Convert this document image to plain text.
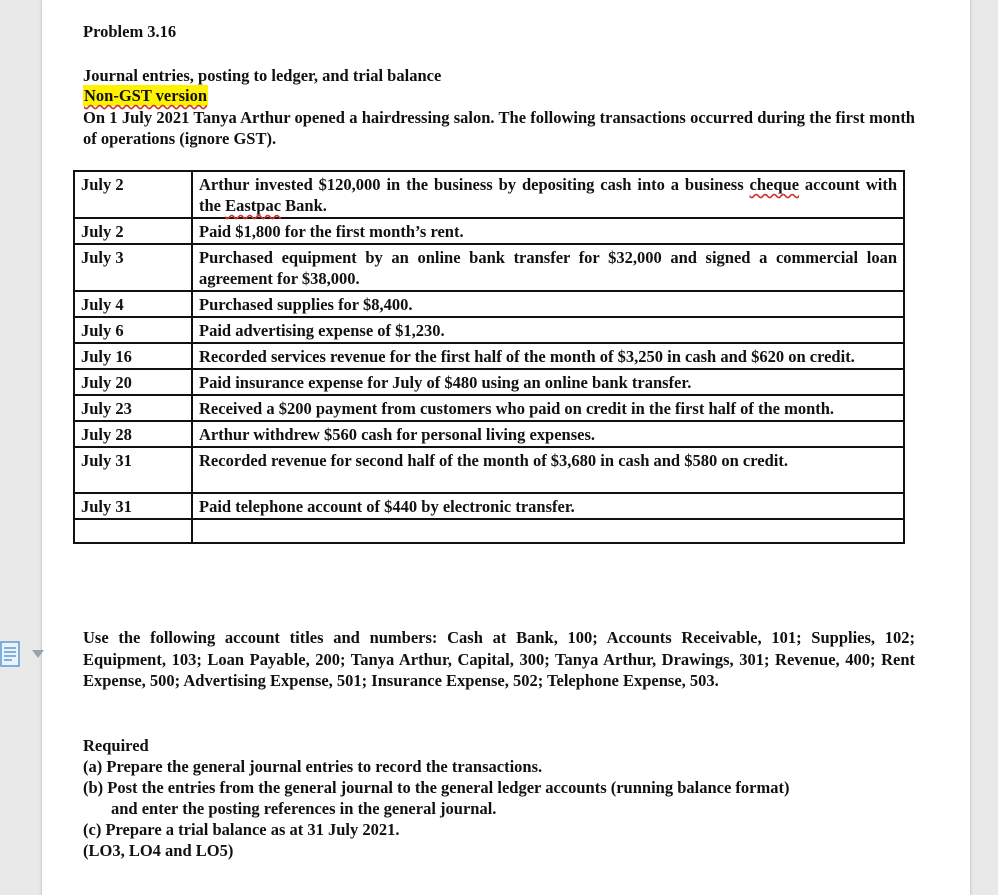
Problem 3.16
Journal entries, posting to ledger, and trial balance
Non-GST version
On 1 July 2021 Tanya Arthur opened a hairdressing salon. The following transactions occurred during the first month of operations (ignore GST).
July 2	Arthur invested $120,000 in the business by depositing cash into a business cheque account with the Eastpac Bank.
July 2	Paid $1,800 for the first month’s rent.
July 3	Purchased equipment by an online bank transfer for $32,000 and signed a commercial loan agreement for $38,000.
July 4	Purchased supplies for $8,400.
July 6	Paid advertising expense of $1,230.
July 16	Recorded services revenue for the first half of the month of $3,250 in cash and $620 on credit.
July 20	Paid insurance expense for July of $480 using an online bank transfer.
July 23	Received a $200 payment from customers who paid on credit in the first half of the month.
July 28	Arthur withdrew $560 cash for personal living expenses.
July 31	Recorded revenue for second half of the month of $3,680 in cash and $580 on credit.
July 31	Paid telephone account of $440 by electronic transfer.

Use the following account titles and numbers: Cash at Bank, 100; Accounts Receivable, 101; Supplies, 102; Equipment, 103; Loan Payable, 200; Tanya Arthur, Capital, 300; Tanya Arthur, Drawings, 301; Revenue, 400; Rent Expense, 500; Advertising Expense, 501; Insurance Expense, 502; Telephone Expense, 503.
Required
(a) Prepare the general journal entries to record the transactions.
(b) Post the entries from the general journal to the general ledger accounts (running balance format)
and enter the posting references in the general journal.
(c) Prepare a trial balance as at 31 July 2021.
(LO3, LO4 and LO5)
